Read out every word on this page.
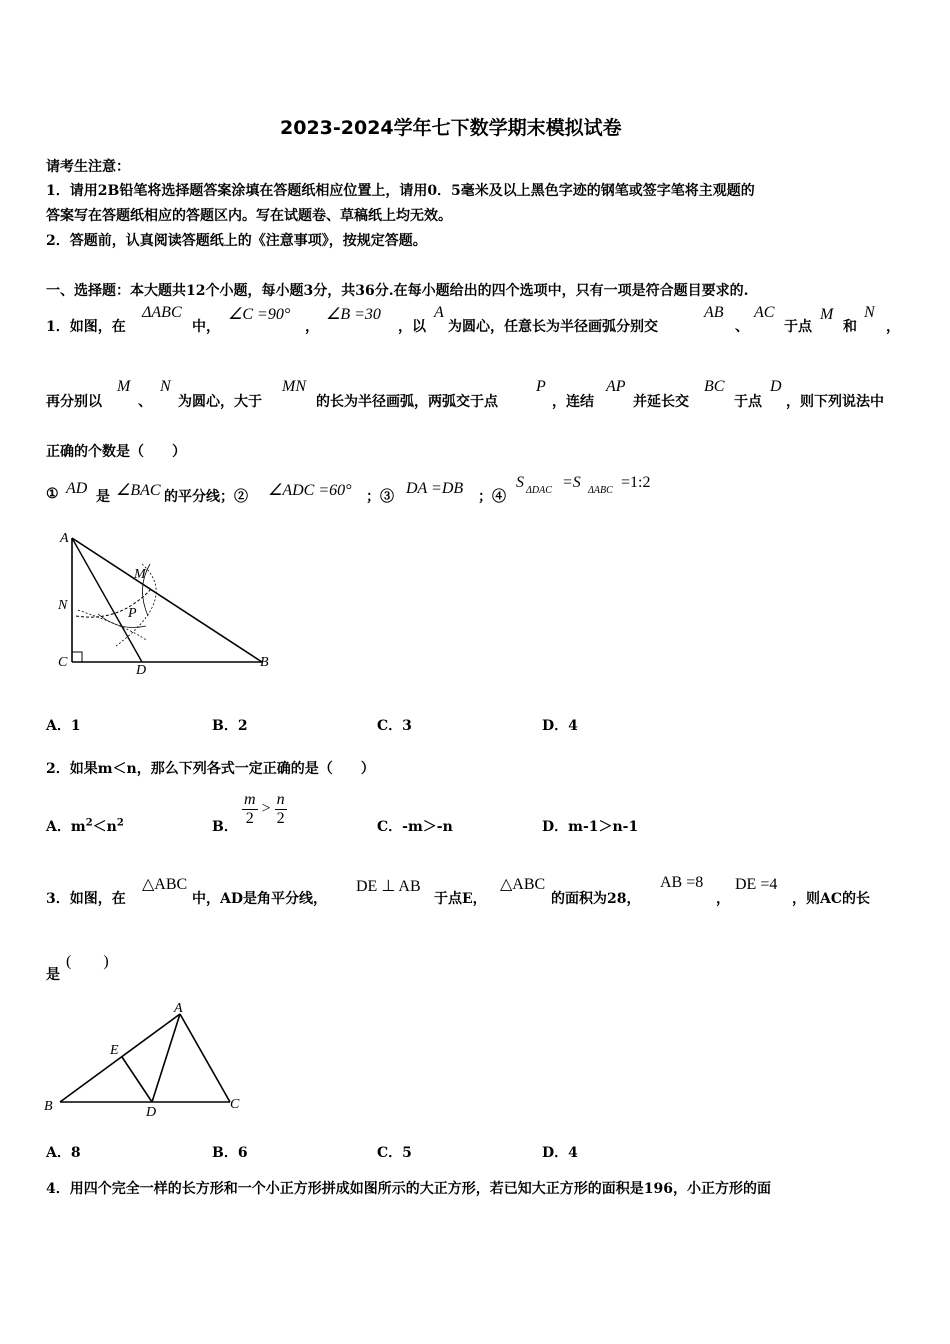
2023-2024学年七下数学期末模拟试卷
请考生注意：
1．请用2B铅笔将选择题答案涂填在答题纸相应位置上，请用0．5毫米及以上黑色字迹的钢笔或签字笔将主观题的
答案写在答题纸相应的答题区内。写在试题卷、草稿纸上均无效。
2．答题前，认真阅读答题纸上的《注意事项》，按规定答题。
一、选择题：本大题共12个小题，每小题3分，共36分.在每小题给出的四个选项中，只有一项是符合题目要求的.
1．如图，在
ΔABC
中，
∠C =90°
，
∠B =30
，以
A
为圆心，任意长为半径画弧分别交
AB
、
AC
于点
M
和
N
，
再分别以
M
、
N
为圆心，大于
MN
的长为半径画弧，两弧交于点
P
，连结
AP
并延长交
BC
于点
D
，则下列说法中
正确的个数是（　　）
① AD 是 ∠BAC 的平分线；② ∠ADC =60° ；③ DA =DB ；④
S ΔDAC =S ΔABC =1:2
A
N
M
P
C
D
B
A．1	B．2	C．3	D．4
2．如果m＜n，那么下列各式一定正确的是（　　）
A．$m^2<n^2$	B． $\frac{m}{2} > \frac{n}{2}$	C．-m＞-n	D．m-1＞n-1
3．如图，在
△ABC
中，AD是角平分线，
DE ⊥ AB
于点E，
△ABC
的面积为28，
AB =8
，
DE =4
，则AC的长
是
(　　)
A
E
B	D
C
A．8	B．6	C．5	D．4
4．用四个完全一样的长方形和一个小正方形拼成如图所示的大正方形，若已知大正方形的面积是196，小正方形的面
